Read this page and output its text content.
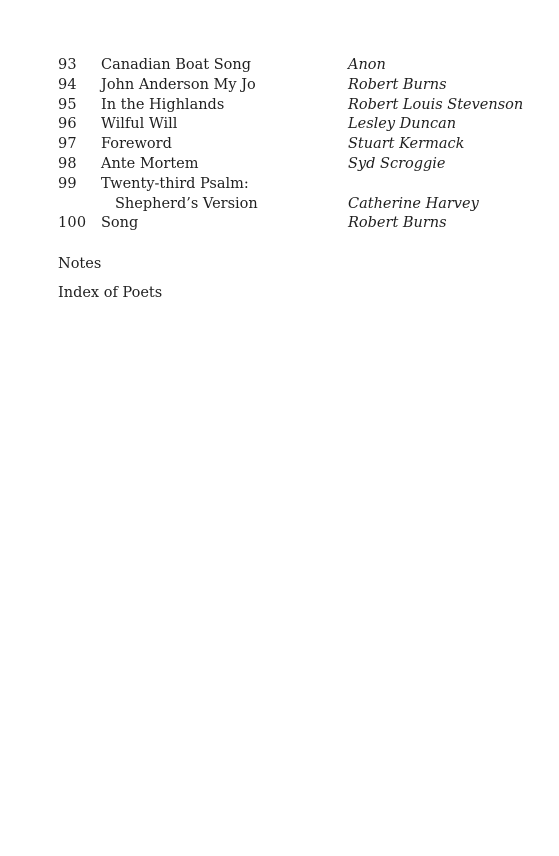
93 Canadian Boat Song	Anon
94 John Anderson My Jo	Robert Burns
95 In the Highlands	Robert Louis Stevenson
96 Wilful Will	Lesley Duncan
97 Foreword	Stuart Kermack
98 Ante Mortem	Syd Scroggie
99 Twenty-third Psalm:
Shepherd’s Version	Catherine Harvey
100 Song	Robert Burns
Notes
Index of Poets
